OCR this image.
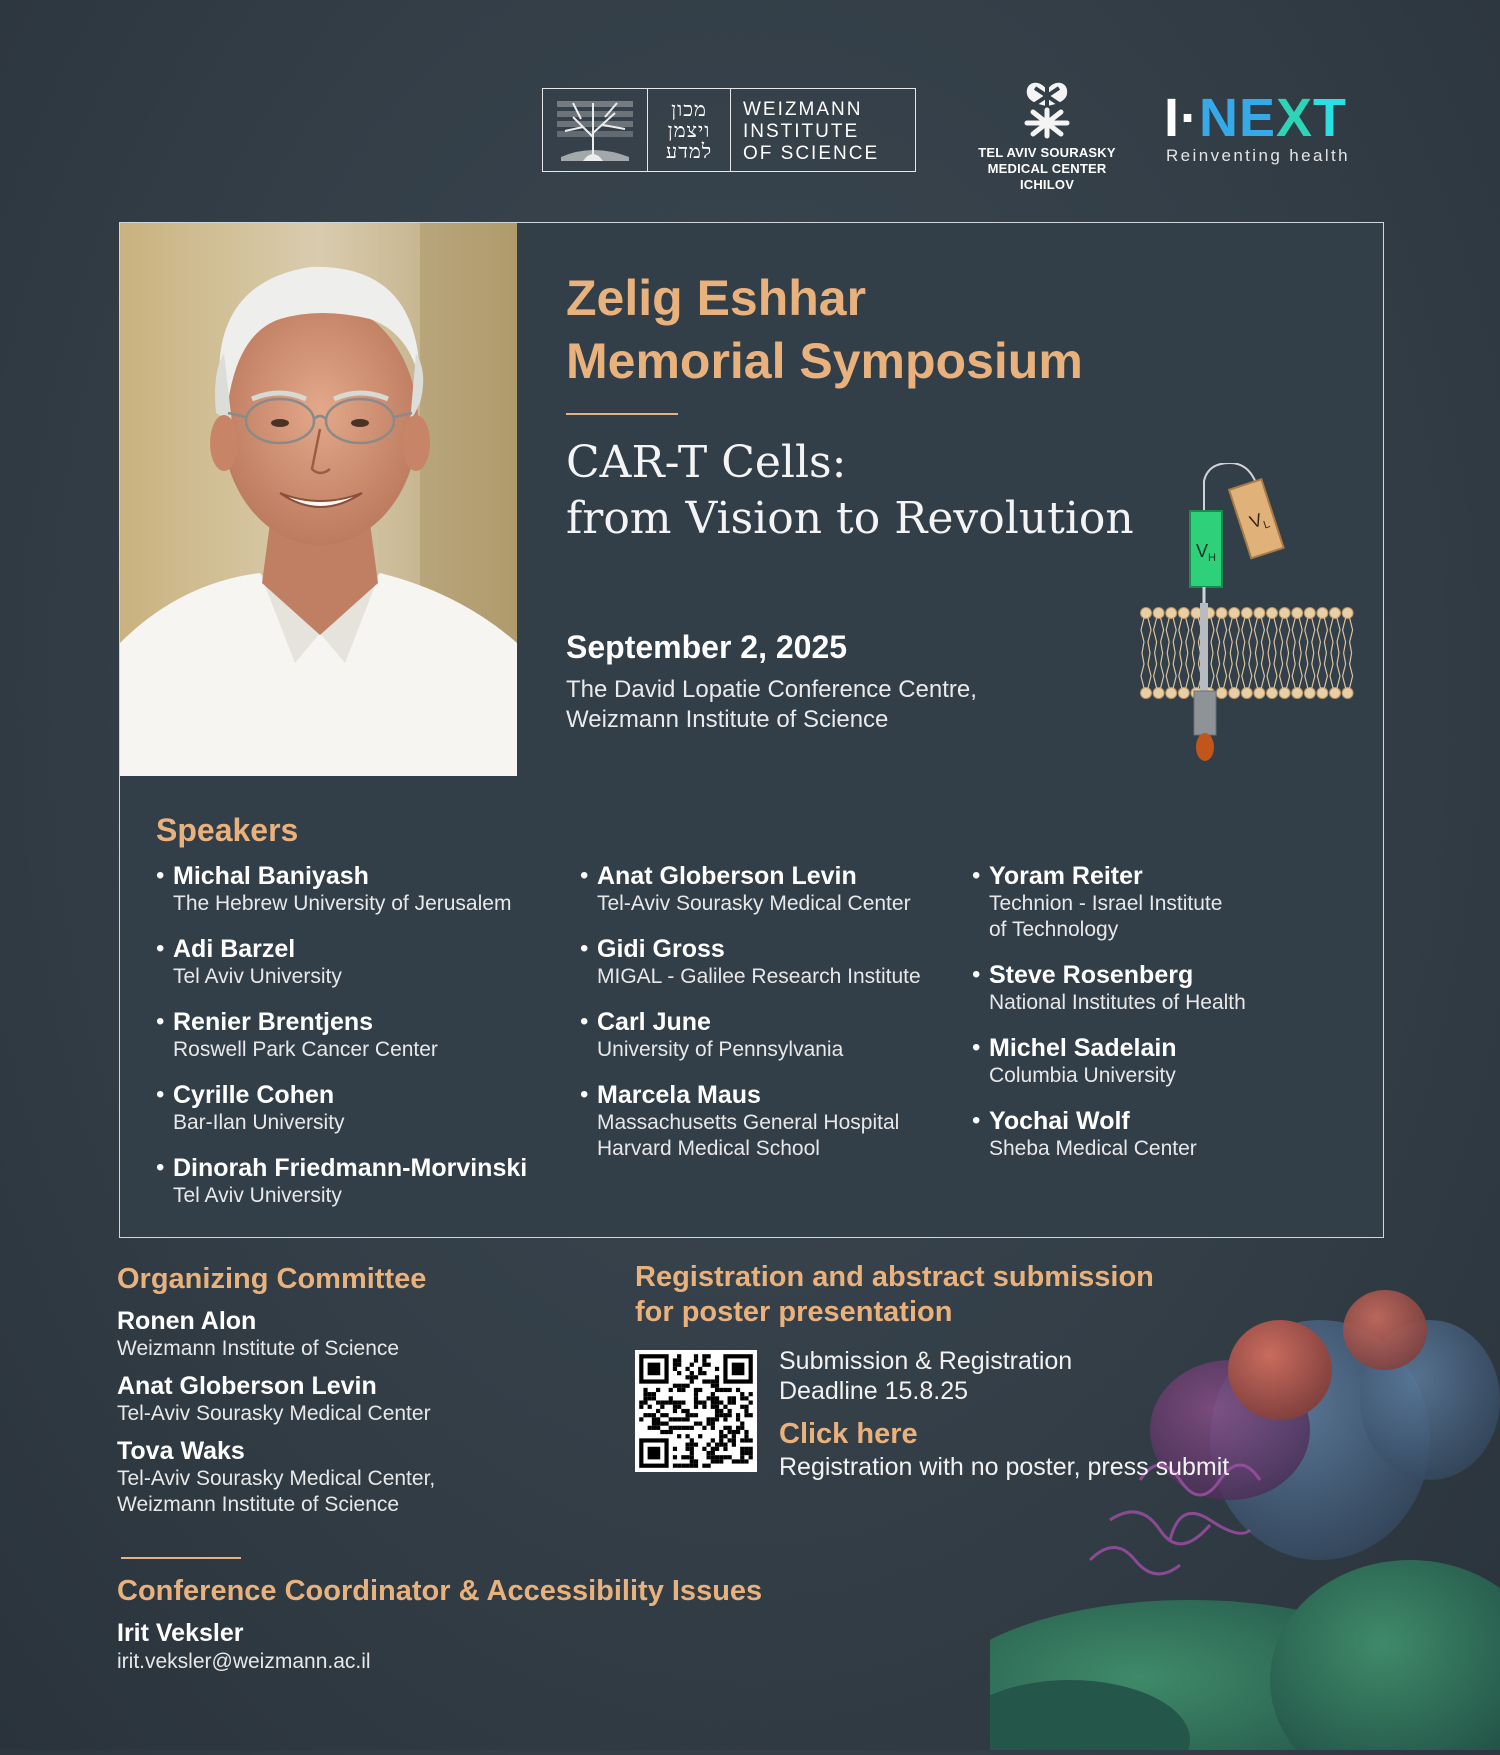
מכון
ויצמן
למדע
WEIZMANN
INSTITUTE
OF SCIENCE	TEL AVIV SOURASKY
MEDICAL CENTER
ICHILOV
I·NEXT
Reinventing health
Zelig Eshhar
Memorial Symposium
CAR-T Cells:
from Vision to Revolution
September 2, 2025
The David Lopatie Conference Centre,
Weizmann Institute of Science
$V_H$
$V_L$
Speakers
• Michal Baniyash
The Hebrew University of Jerusalem
• Adi Barzel
Tel Aviv University
• Renier Brentjens
Roswell Park Cancer Center
• Cyrille Cohen
Bar-Ilan University
• Dinorah Friedmann-Morvinski
Tel Aviv University
• Anat Globerson Levin
Tel-Aviv Sourasky Medical Center
• Gidi Gross
MIGAL - Galilee Research Institute
• Carl June
University of Pennsylvania
• Marcela Maus
Massachusetts General Hospital
Harvard Medical School
• Yoram Reiter
Technion - Israel Institute
of Technology
• Steve Rosenberg
National Institutes of Health
• Michel Sadelain
Columbia University
• Yochai Wolf
Sheba Medical Center
Organizing Committee
Ronen Alon
Weizmann Institute of Science
Anat Globerson Levin
Tel-Aviv Sourasky Medical Center
Tova Waks
Tel-Aviv Sourasky Medical Center,
Weizmann Institute of Science
Registration and abstract submission
for poster presentation
Submission & Registration
Deadline 15.8.25
Click here
Registration with no poster, press submit
Conference Coordinator & Accessibility Issues
Irit Veksler
irit.veksler@weizmann.ac.il
